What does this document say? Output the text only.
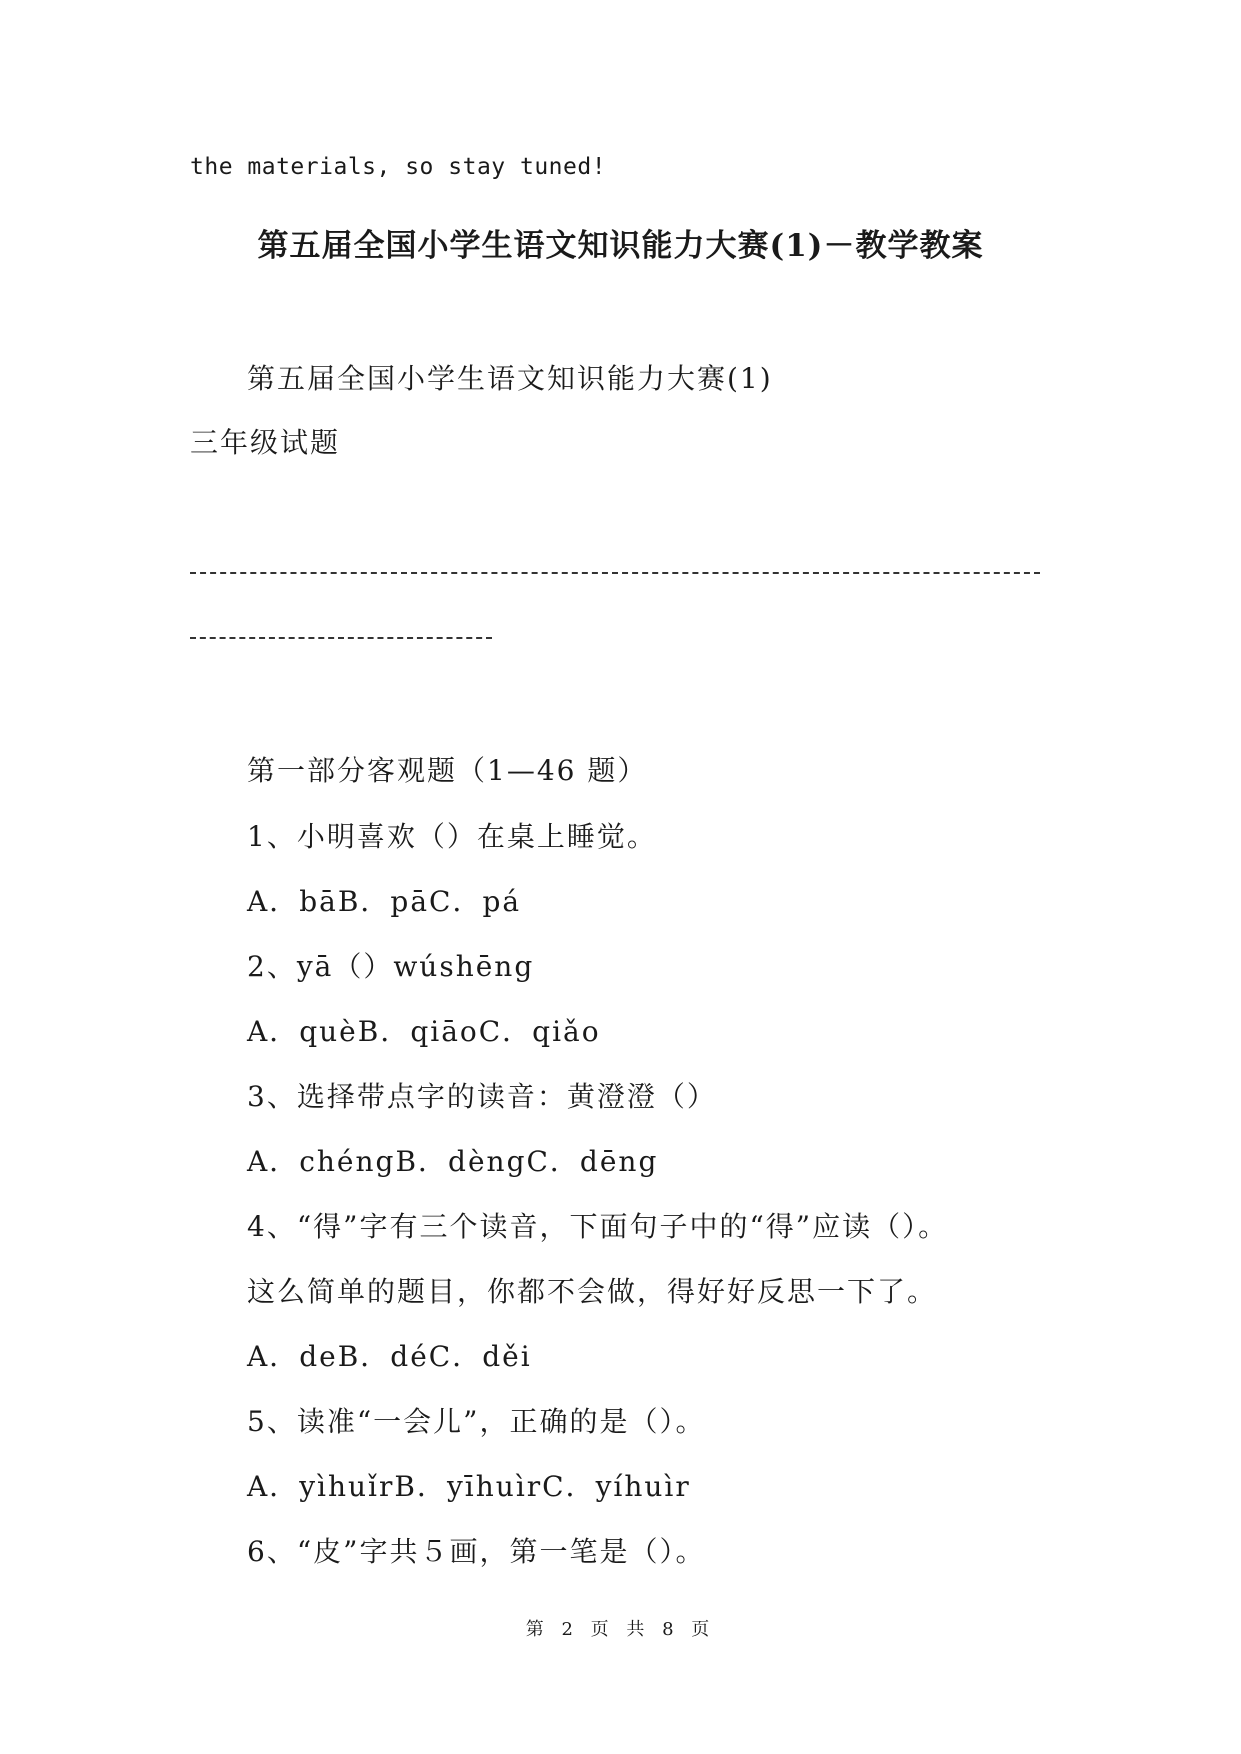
the materials, so stay tuned!
第五届全国小学生语文知识能力大赛(1)－教学教案
第五届全国小学生语文知识能力大赛(1)
三年级试题
第一部分客观题（1—46 题）
1、小明喜欢（）在桌上睡觉。
A．bāB．pāC．pá
2、yā（）wúshēng
A．quèB．qiāoC．qiǎo
3、选择带点字的读音：黄澄澄（）
A．chéngB．dèngC．dēng
4、“得”字有三个读音，下面句子中的“得”应读（）。
这么简单的题目，你都不会做，得好好反思一下了。
A．deB．déC．děi
5、读准“一会儿”，正确的是（）。
A．yìhuǐrB．yīhuìrC．yíhuìr
6、“皮”字共５画，第一笔是（）。
第 2 页 共 8 页
